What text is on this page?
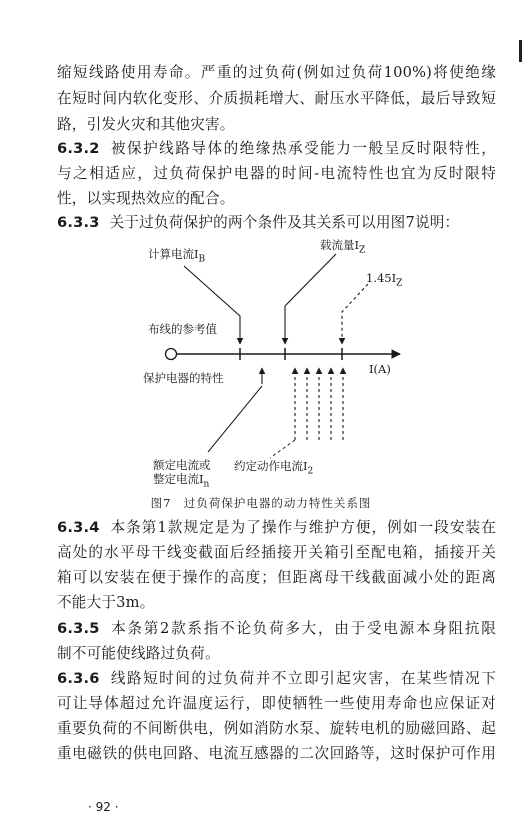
缩短线路使用寿命。严重的过负荷(例如过负荷100%)将使绝缘
在短时间内软化变形、介质损耗增大、耐压水平降低，最后导致短
路，引发火灾和其他灾害。
6.3.2 被保护线路导体的绝缘热承受能力一般呈反时限特性，
与之相适应，过负荷保护电器的时间-电流特性也宜为反时限特
性，以实现热效应的配合。
6.3.3 关于过负荷保护的两个条件及其关系可以用图7说明：
计算电流$I_B$
载流量$I_Z$
$1.45I_Z$
布线的参考值
保护电器的特性
I(A)
额定电流或
整定电流$I_n$
约定动作电流$I_2$
图7　过负荷保护电器的动力特性关系图
6.3.4 本条第1款规定是为了操作与维护方便，例如一段安装在
高处的水平母干线变截面后经插接开关箱引至配电箱，插接开关
箱可以安装在便于操作的高度；但距离母干线截面减小处的距离
不能大于3m。
6.3.5 本条第2款系指不论负荷多大，由于受电源本身阻抗限
制不可能使线路过负荷。
6.3.6 线路短时间的过负荷并不立即引起灾害，在某些情况下
可让导体超过允许温度运行，即使牺牲一些使用寿命也应保证对
重要负荷的不间断供电，例如消防水泵、旋转电机的励磁回路、起
重电磁铁的供电回路、电流互感器的二次回路等，这时保护可作用
· 92 ·
